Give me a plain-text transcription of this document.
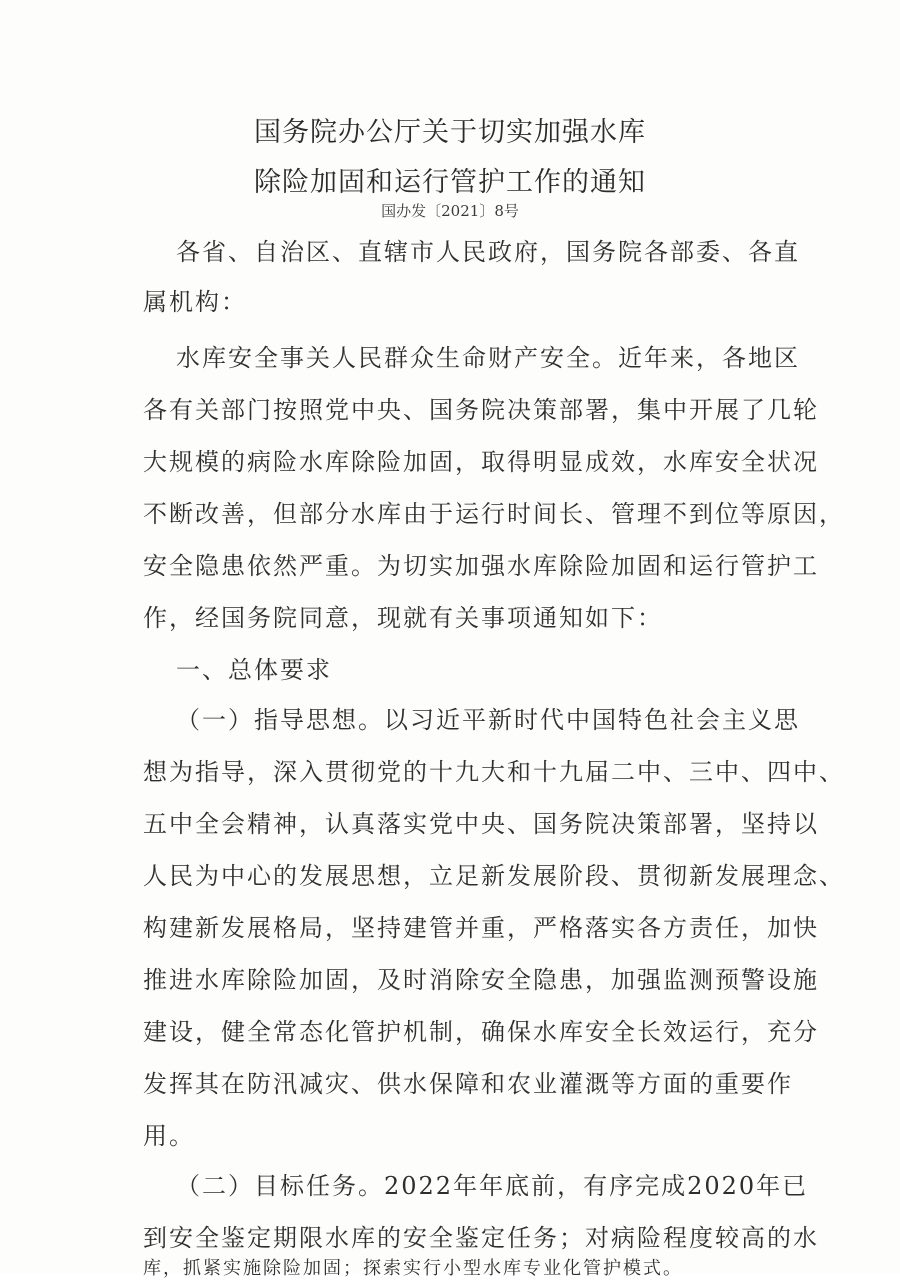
国务院办公厅关于切实加强水库
除险加固和运行管护工作的通知
国办发〔2021〕8号
各省、自治区、直辖市人民政府，国务院各部委、各直
属机构：
水库安全事关人民群众生命财产安全。近年来，各地区
各有关部门按照党中央、国务院决策部署，集中开展了几轮
大规模的病险水库除险加固，取得明显成效，水库安全状况
不断改善，但部分水库由于运行时间长、管理不到位等原因，
安全隐患依然严重。为切实加强水库除险加固和运行管护工
作，经国务院同意，现就有关事项通知如下：
一、总体要求
（一）指导思想。以习近平新时代中国特色社会主义思
想为指导，深入贯彻党的十九大和十九届二中、三中、四中、
五中全会精神，认真落实党中央、国务院决策部署，坚持以
人民为中心的发展思想，立足新发展阶段、贯彻新发展理念、
构建新发展格局，坚持建管并重，严格落实各方责任，加快
推进水库除险加固，及时消除安全隐患，加强监测预警设施
建设，健全常态化管护机制，确保水库安全长效运行，充分
发挥其在防汛减灾、供水保障和农业灌溉等方面的重要作
用。
（二）目标任务。2022年年底前，有序完成2020年已
到安全鉴定期限水库的安全鉴定任务；对病险程度较高的水
库，抓紧实施除险加固；探索实行小型水库专业化管护模式。
